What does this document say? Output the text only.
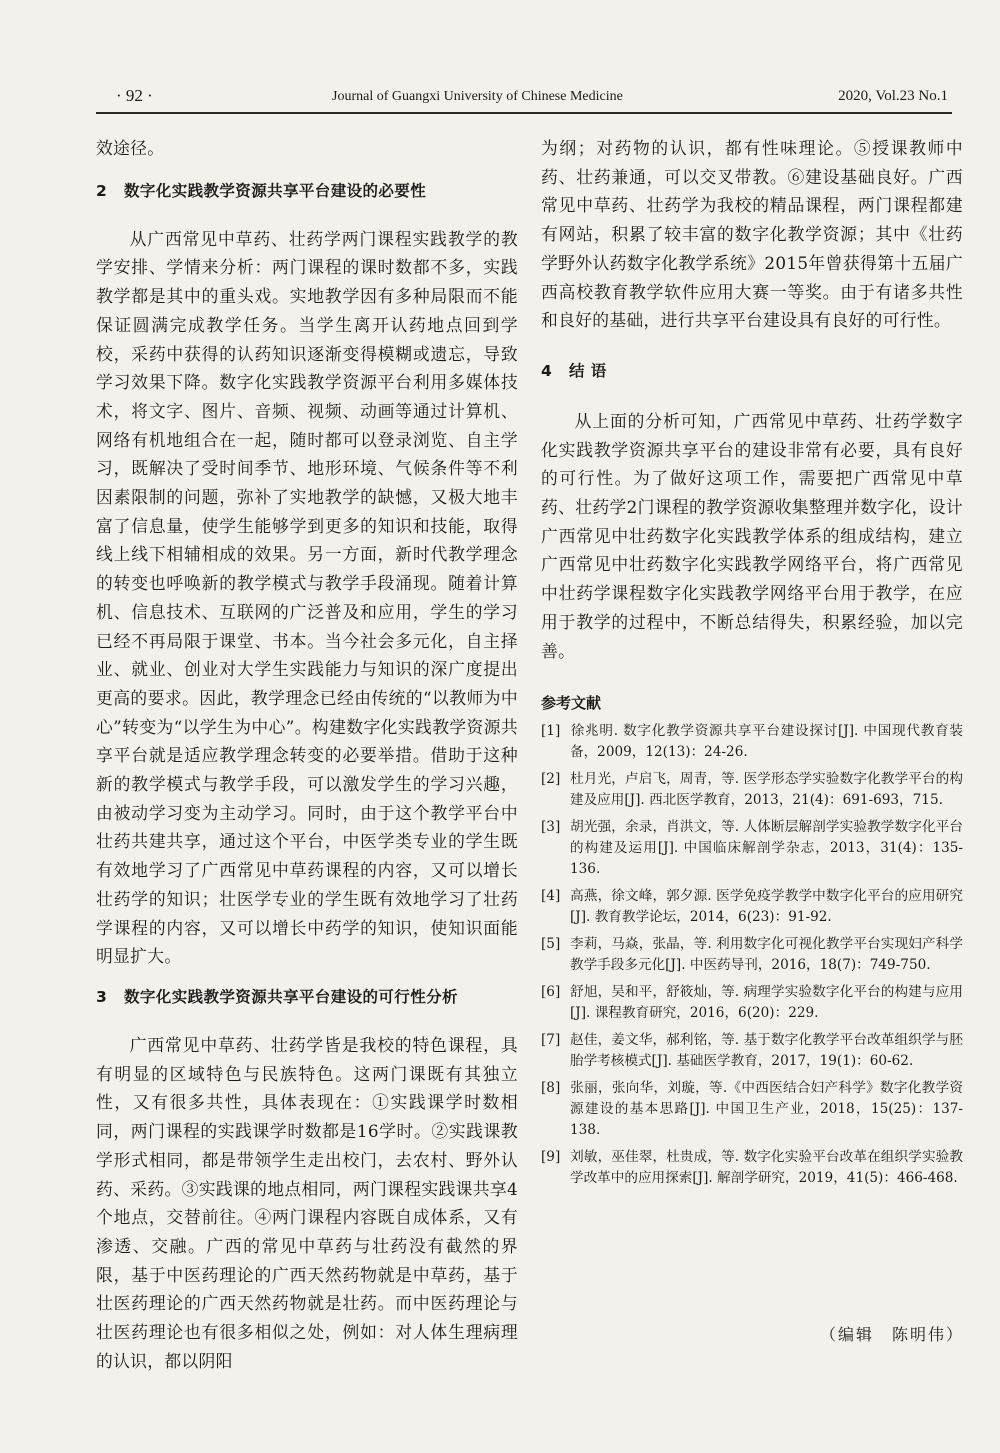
· 92 ·	Journal of Guangxi University of Chinese Medicine	2020, Vol.23 No.1

效途径。

2 数字化实践教学资源共享平台建设的必要性

从广西常见中草药、壮药学两门课程实践教学的教学安排、学情来分析：两门课程的课时数都不多，实践教学都是其中的重头戏。实地教学因有多种局限而不能保证圆满完成教学任务。当学生离开认药地点回到学校，采药中获得的认药知识逐渐变得模糊或遗忘，导致学习效果下降。数字化实践教学资源平台利用多媒体技术，将文字、图片、音频、视频、动画等通过计算机、网络有机地组合在一起，随时都可以登录浏览、自主学习，既解决了受时间季节、地形环境、气候条件等不利因素限制的问题，弥补了实地教学的缺憾，又极大地丰富了信息量，使学生能够学到更多的知识和技能，取得线上线下相辅相成的效果。另一方面，新时代教学理念的转变也呼唤新的教学模式与教学手段涌现。随着计算机、信息技术、互联网的广泛普及和应用，学生的学习已经不再局限于课堂、书本。当今社会多元化，自主择业、就业、创业对大学生实践能力与知识的深广度提出更高的要求。因此，教学理念已经由传统的“以教师为中心”转变为“以学生为中心”。构建数字化实践教学资源共享平台就是适应教学理念转变的必要举措。借助于这种新的教学模式与教学手段，可以激发学生的学习兴趣，由被动学习变为主动学习。同时，由于这个教学平台中壮药共建共享，通过这个平台，中医学类专业的学生既有效地学习了广西常见中草药课程的内容，又可以增长壮药学的知识；壮医学专业的学生既有效地学习了壮药学课程的内容，又可以增长中药学的知识，使知识面能明显扩大。

3 数字化实践教学资源共享平台建设的可行性分析

广西常见中草药、壮药学皆是我校的特色课程，具有明显的区域特色与民族特色。这两门课既有其独立性，又有很多共性，具体表现在：①实践课学时数相同，两门课程的实践课学时数都是16学时。②实践课教学形式相同，都是带领学生走出校门，去农村、野外认药、采药。③实践课的地点相同，两门课程实践课共享4个地点，交替前往。④两门课程内容既自成体系，又有渗透、交融。广西的常见中草药与壮药没有截然的界限，基于中医药理论的广西天然药物就是中草药，基于壮医药理论的广西天然药物就是壮药。而中医药理论与壮医药理论也有很多相似之处，例如：对人体生理病理的认识，都以阴阳

为纲；对药物的认识，都有性味理论。⑤授课教师中药、壮药兼通，可以交叉带教。⑥建设基础良好。广西常见中草药、壮药学为我校的精品课程，两门课程都建有网站，积累了较丰富的数字化教学资源；其中《壮药学野外认药数字化教学系统》2015年曾获得第十五届广西高校教育教学软件应用大赛一等奖。由于有诸多共性和良好的基础，进行共享平台建设具有良好的可行性。

4 结 语

从上面的分析可知，广西常见中草药、壮药学数字化实践教学资源共享平台的建设非常有必要，具有良好的可行性。为了做好这项工作，需要把广西常见中草药、壮药学2门课程的教学资源收集整理并数字化，设计广西常见中壮药数字化实践教学体系的组成结构，建立广西常见中壮药数字化实践教学网络平台，将广西常见中壮药学课程数字化实践教学网络平台用于教学，在应用于教学的过程中，不断总结得失，积累经验，加以完善。

参考文献

[1] 徐兆明. 数字化教学资源共享平台建设探讨[J]. 中国现代教育装备，2009，12(13)：24-26.

[2] 杜月光，卢启飞，周青，等. 医学形态学实验数字化教学平台的构建及应用[J]. 西北医学教育，2013，21(4)：691-693，715.

[3] 胡光强，余录，肖洪文，等. 人体断层解剖学实验教学数字化平台的构建及运用[J]. 中国临床解剖学杂志，2013，31(4)：135-136.

[4] 高燕，徐文峰，郭夕源. 医学免疫学教学中数字化平台的应用研究[J]. 教育教学论坛，2014，6(23)：91-92.

[5] 李莉，马焱，张晶，等. 利用数字化可视化教学平台实现妇产科学教学手段多元化[J]. 中医药导刊，2016，18(7)：749-750.

[6] 舒旭，吴和平，舒筱灿，等. 病理学实验数字化平台的构建与应用[J]. 课程教育研究，2016，6(20)：229.

[7] 赵佳，姜文华，郝利铭，等. 基于数字化教学平台改革组织学与胚胎学考核模式[J]. 基础医学教育，2017，19(1)：60-62.

[8] 张丽，张向华，刘璇，等.《中西医结合妇产科学》数字化教学资源建设的基本思路[J]. 中国卫生产业，2018，15(25)：137-138.

[9] 刘敏，巫佳翠，杜贵成，等. 数字化实验平台改革在组织学实验教学改革中的应用探索[J]. 解剖学研究，2019，41(5)：466-468.

（编辑　陈明伟）
